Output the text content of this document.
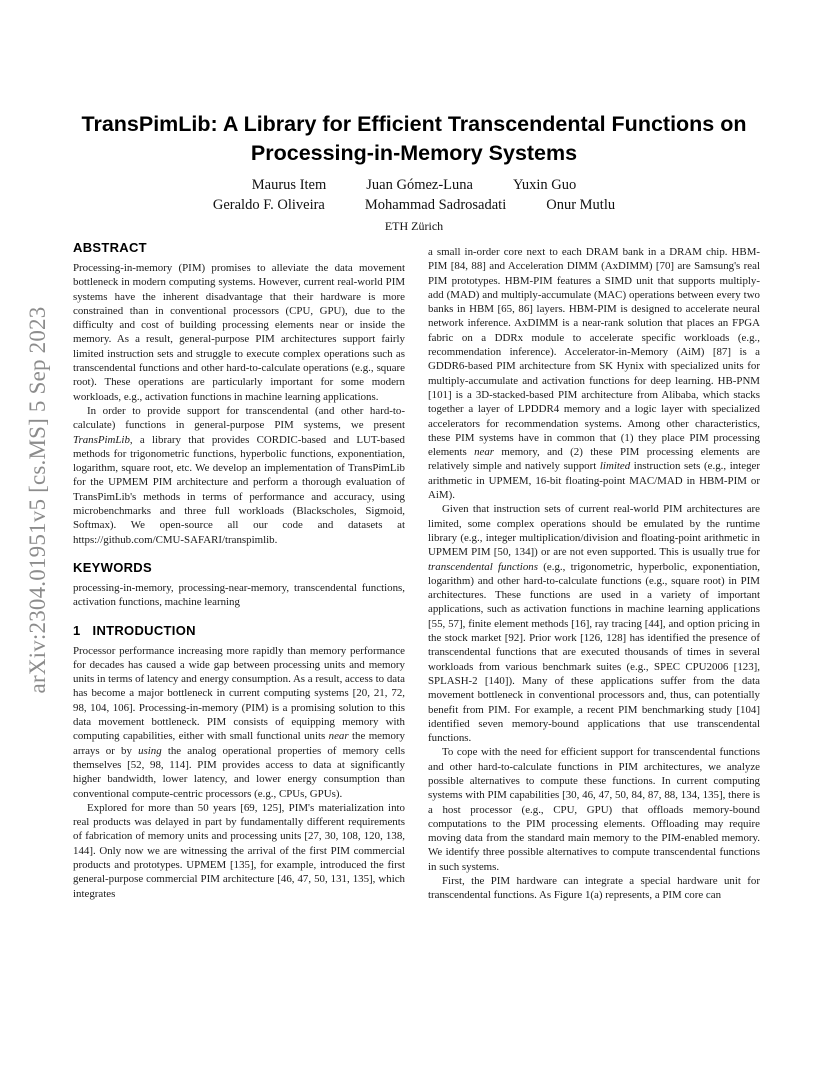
arXiv:2304.01951v5 [cs.MS] 5 Sep 2023
TransPimLib: A Library for Efficient Transcendental Functions on Processing-in-Memory Systems
Maurus Item	Juan Gómez-Luna	Yuxin Guo
Geraldo F. Oliveira	Mohammad Sadrosadati	Onur Mutlu
ETH Zürich
ABSTRACT

Processing-in-memory (PIM) promises to alleviate the data movement bottleneck in modern computing systems. However, current real-world PIM systems have the inherent disadvantage that their hardware is more constrained than in conventional processors (CPU, GPU), due to the difficulty and cost of building processing elements near or inside the memory. As a result, general-purpose PIM architectures support fairly limited instruction sets and struggle to execute complex operations such as transcendental functions and other hard-to-calculate operations (e.g., square root). These operations are particularly important for some modern workloads, e.g., activation functions in machine learning applications.

In order to provide support for transcendental (and other hard-to-calculate) functions in general-purpose PIM systems, we present TransPimLib, a library that provides CORDIC-based and LUT-based methods for trigonometric functions, hyperbolic functions, exponentiation, logarithm, square root, etc. We develop an implementation of TransPimLib for the UPMEM PIM architecture and perform a thorough evaluation of TransPimLib's methods in terms of performance and accuracy, using microbenchmarks and three full workloads (Blackscholes, Sigmoid, Softmax). We open-source all our code and datasets at https://github.com/CMU-SAFARI/transpimlib.

KEYWORDS

processing-in-memory, processing-near-memory, transcendental functions, activation functions, machine learning

1 INTRODUCTION

Processor performance increasing more rapidly than memory performance for decades has caused a wide gap between processing units and memory units in terms of latency and energy consumption. As a result, access to data has become a major bottleneck in current computing systems [20, 21, 72, 98, 104, 106]. Processing-in-memory (PIM) is a promising solution to this data movement bottleneck. PIM consists of equipping memory with computing capabilities, either with small functional units near the memory arrays or by using the analog operational properties of memory cells themselves [52, 98, 114]. PIM provides access to data at significantly higher bandwidth, lower latency, and lower energy consumption than conventional compute-centric processors (e.g., CPUs, GPUs).

Explored for more than 50 years [69, 125], PIM's materialization into real products was delayed in part by fundamentally different requirements of fabrication of memory units and processing units [27, 30, 108, 120, 138, 144]. Only now we are witnessing the arrival of the first PIM commercial products and prototypes. UPMEM [135], for example, introduced the first general-purpose commercial PIM architecture [46, 47, 50, 131, 135], which integrates

a small in-order core next to each DRAM bank in a DRAM chip. HBM-PIM [84, 88] and Acceleration DIMM (AxDIMM) [70] are Samsung's real PIM prototypes. HBM-PIM features a SIMD unit that supports multiply-add (MAD) and multiply-accumulate (MAC) operations between every two banks in HBM [65, 86] layers. HBM-PIM is designed to accelerate neural network inference. AxDIMM is a near-rank solution that places an FPGA fabric on a DDRx module to accelerate specific workloads (e.g., recommendation inference). Accelerator-in-Memory (AiM) [87] is a GDDR6-based PIM architecture from SK Hynix with specialized units for multiply-accumulate and activation functions for deep learning. HB-PNM [101] is a 3D-stacked-based PIM architecture from Alibaba, which stacks together a layer of LPDDR4 memory and a logic layer with specialized accelerators for recommendation systems. Among other characteristics, these PIM systems have in common that (1) they place PIM processing elements near memory, and (2) these PIM processing elements are relatively simple and natively support limited instruction sets (e.g., integer arithmetic in UPMEM, 16-bit floating-point MAC/MAD in HBM-PIM or AiM).

Given that instruction sets of current real-world PIM architectures are limited, some complex operations should be emulated by the runtime library (e.g., integer multiplication/division and floating-point arithmetic in UPMEM PIM [50, 134]) or are not even supported. This is usually true for transcendental functions (e.g., trigonometric, hyperbolic, exponentiation, logarithm) and other hard-to-calculate functions (e.g., square root) in PIM architectures. These functions are used in a variety of important applications, such as activation functions in machine learning applications [55, 57], finite element methods [16], ray tracing [44], and option pricing in the stock market [92]. Prior work [126, 128] has identified the presence of transcendental functions that are executed thousands of times in several workloads from various benchmark suites (e.g., SPEC CPU2006 [123], SPLASH-2 [140]). Many of these applications suffer from the data movement bottleneck in conventional processors and, thus, can potentially benefit from PIM. For example, a recent PIM benchmarking study [104] identified seven memory-bound applications that use transcendental functions.

To cope with the need for efficient support for transcendental functions and other hard-to-calculate functions in PIM architectures, we analyze possible alternatives to compute these functions. In current computing systems with PIM capabilities [30, 46, 47, 50, 84, 87, 88, 134, 135], there is a host processor (e.g., CPU, GPU) that offloads memory-bound computations to the PIM processing elements. Offloading may require moving data from the standard main memory to the PIM-enabled memory. We identify three possible alternatives to compute transcendental functions in such systems.

First, the PIM hardware can integrate a special hardware unit for transcendental functions. As Figure 1(a) represents, a PIM core can
